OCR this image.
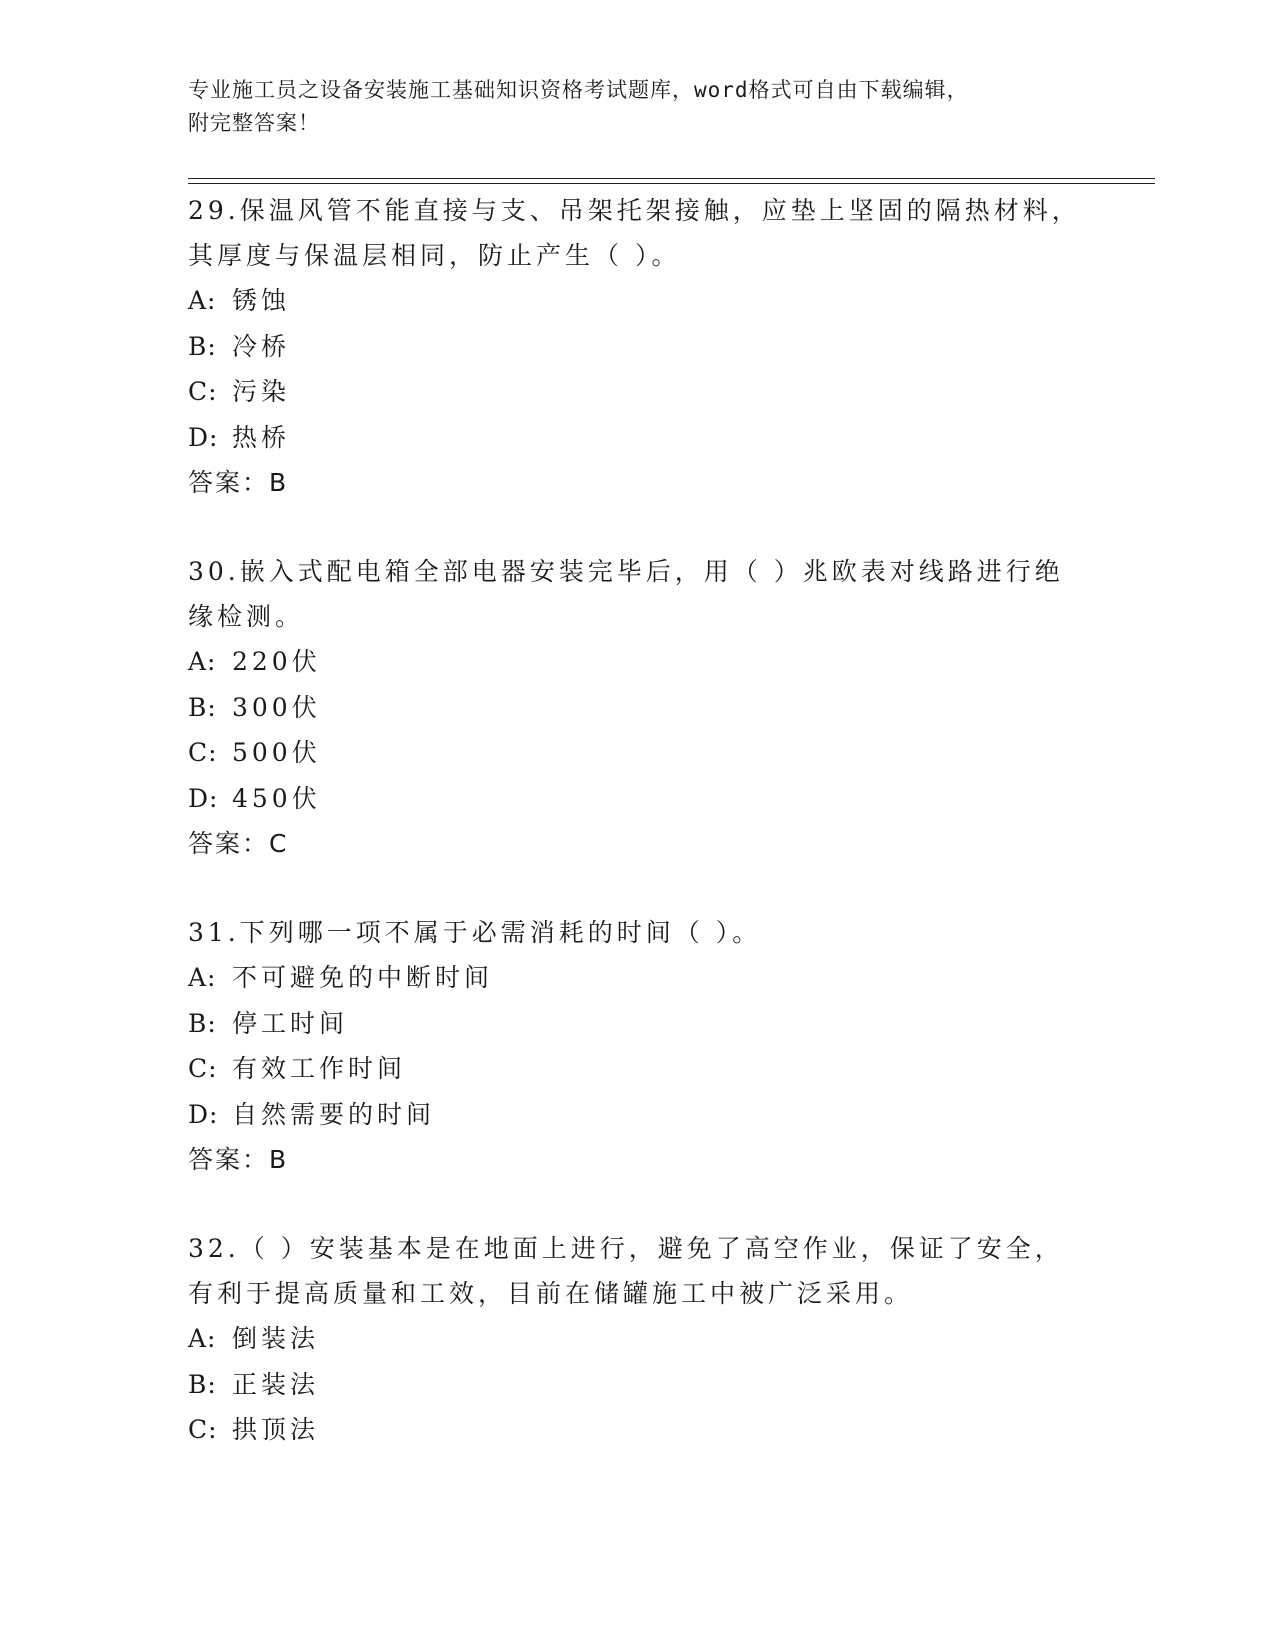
专业施工员之设备安装施工基础知识资格考试题库，word格式可自由下载编辑，
附完整答案！

29.保温风管不能直接与支、吊架托架接触，应垫上坚固的隔热材料，
其厚度与保温层相同，防止产生（ ）。

A: 锈蚀

B: 冷桥

C: 污染

D: 热桥

答案：B

30.嵌入式配电箱全部电器安装完毕后，用（ ）兆欧表对线路进行绝
缘检测。

A: 220伏

B: 300伏

C: 500伏

D: 450伏

答案：C

31.下列哪一项不属于必需消耗的时间（ ）。

A: 不可避免的中断时间

B: 停工时间

C: 有效工作时间

D: 自然需要的时间

答案：B

32.（ ）安装基本是在地面上进行，避免了高空作业，保证了安全，
有利于提高质量和工效，目前在储罐施工中被广泛采用。

A: 倒装法

B: 正装法

C: 拱顶法
